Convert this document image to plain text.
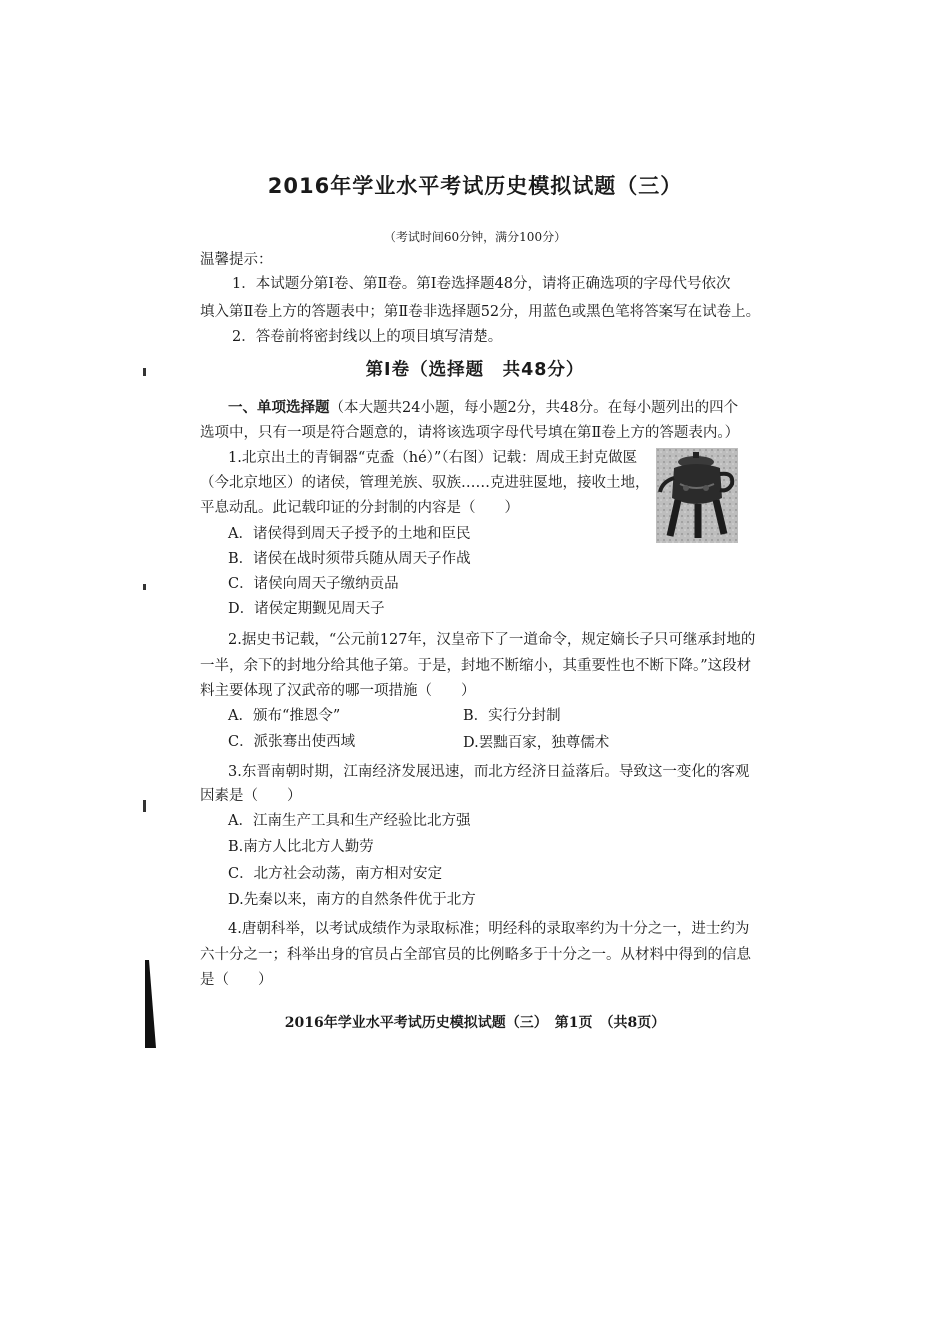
2016年学业水平考试历史模拟试题（三）
（考试时间60分钟，满分100分）
温馨提示：
1．本试题分第Ⅰ卷、第Ⅱ卷。第Ⅰ卷选择题48分，请将正确选项的字母代号依次
填入第Ⅱ卷上方的答题表中；第Ⅱ卷非选择题52分，用蓝色或黑色笔将答案写在试卷上。
2．答卷前将密封线以上的项目填写清楚。
第Ⅰ卷（选择题　共48分）
一、单项选择题（本大题共24小题，每小题2分，共48分。在每小题列出的四个
选项中，只有一项是符合题意的，请将该选项字母代号填在第Ⅱ卷上方的答题表内。）
1.北京出土的青铜器“克盉（hé）”（右图）记载：周成王封克做匽
（今北京地区）的诸侯，管理羌族、驭族……克进驻匽地，接收土地，
平息动乱。此记载印证的分封制的内容是（　　）
A．诸侯得到周天子授予的土地和臣民
B．诸侯在战时须带兵随从周天子作战
C．诸侯向周天子缴纳贡品
D．诸侯定期觐见周天子
2.据史书记载，“公元前127年，汉皇帝下了一道命令，规定嫡长子只可继承封地的
一半，余下的封地分给其他子第。于是，封地不断缩小，其重要性也不断下降。”这段材
料主要体现了汉武帝的哪一项措施（　　）
A．颁布“推恩令”	B．实行分封制
C．派张骞出使西域	D.罢黜百家，独尊儒术
3.东晋南朝时期，江南经济发展迅速，而北方经济日益落后。导致这一变化的客观
因素是（　　）
A．江南生产工具和生产经验比北方强
B.南方人比北方人勤劳
C．北方社会动荡，南方相对安定
D.先秦以来，南方的自然条件优于北方
4.唐朝科举，以考试成绩作为录取标准；明经科的录取率约为十分之一，进士约为
六十分之一；科举出身的官员占全部官员的比例略多于十分之一。从材料中得到的信息
是（　　）
2016年学业水平考试历史模拟试题（三）　第1页　（共8页）
